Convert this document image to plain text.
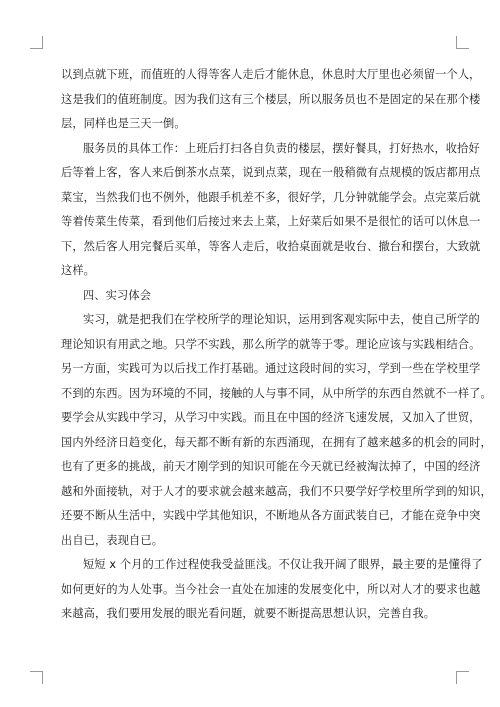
以到点就下班，而值班的人得等客人走后才能休息，休息时大厅里也必须留一个人，
这是我们的值班制度。因为我们这有三个楼层，所以服务员也不是固定的呆在那个楼
层，同样也是三天一倒。

服务员的具体工作：上班后打扫各自负责的楼层，摆好餐具，打好热水，收拾好
后等着上客，客人来后倒茶水点菜，说到点菜，现在一般稍微有点规模的饭店都用点
菜宝，当然我们也不例外，他跟手机差不多，很好学，几分钟就能学会。点完菜后就
等着传菜生传菜，看到他们后接过来去上菜，上好菜后如果不是很忙的话可以休息一
下，然后客人用完餐后买单，等客人走后，收拾桌面就是收台、撤台和摆台，大致就
这样。

四、实习体会

实习，就是把我们在学校所学的理论知识，运用到客观实际中去，使自己所学的
理论知识有用武之地。只学不实践，那么所学的就等于零。理论应该与实践相结合。
另一方面，实践可为以后找工作打基础。通过这段时间的实习，学到一些在学校里学
不到的东西。因为环境的不同，接触的人与事不同，从中所学的东西自然就不一样了。
要学会从实践中学习，从学习中实践。而且在中国的经济飞速发展，又加入了世贸，
国内外经济日趋变化，每天都不断有新的东西涌现，在拥有了越来越多的机会的同时，
也有了更多的挑战，前天才刚学到的知识可能在今天就已经被淘汰掉了，中国的经济
越和外面接轨，对于人才的要求就会越来越高，我们不只要学好学校里所学到的知识，
还要不断从生活中，实践中学其他知识，不断地从各方面武装自已，才能在竞争中突
出自已，表现自已。

短短 x 个月的工作过程使我受益匪浅。不仅让我开阔了眼界，最主要的是懂得了
如何更好的为人处事。当今社会一直处在加速的发展变化中，所以对人才的要求也越
来越高，我们要用发展的眼光看问题，就要不断提高思想认识，完善自我。
